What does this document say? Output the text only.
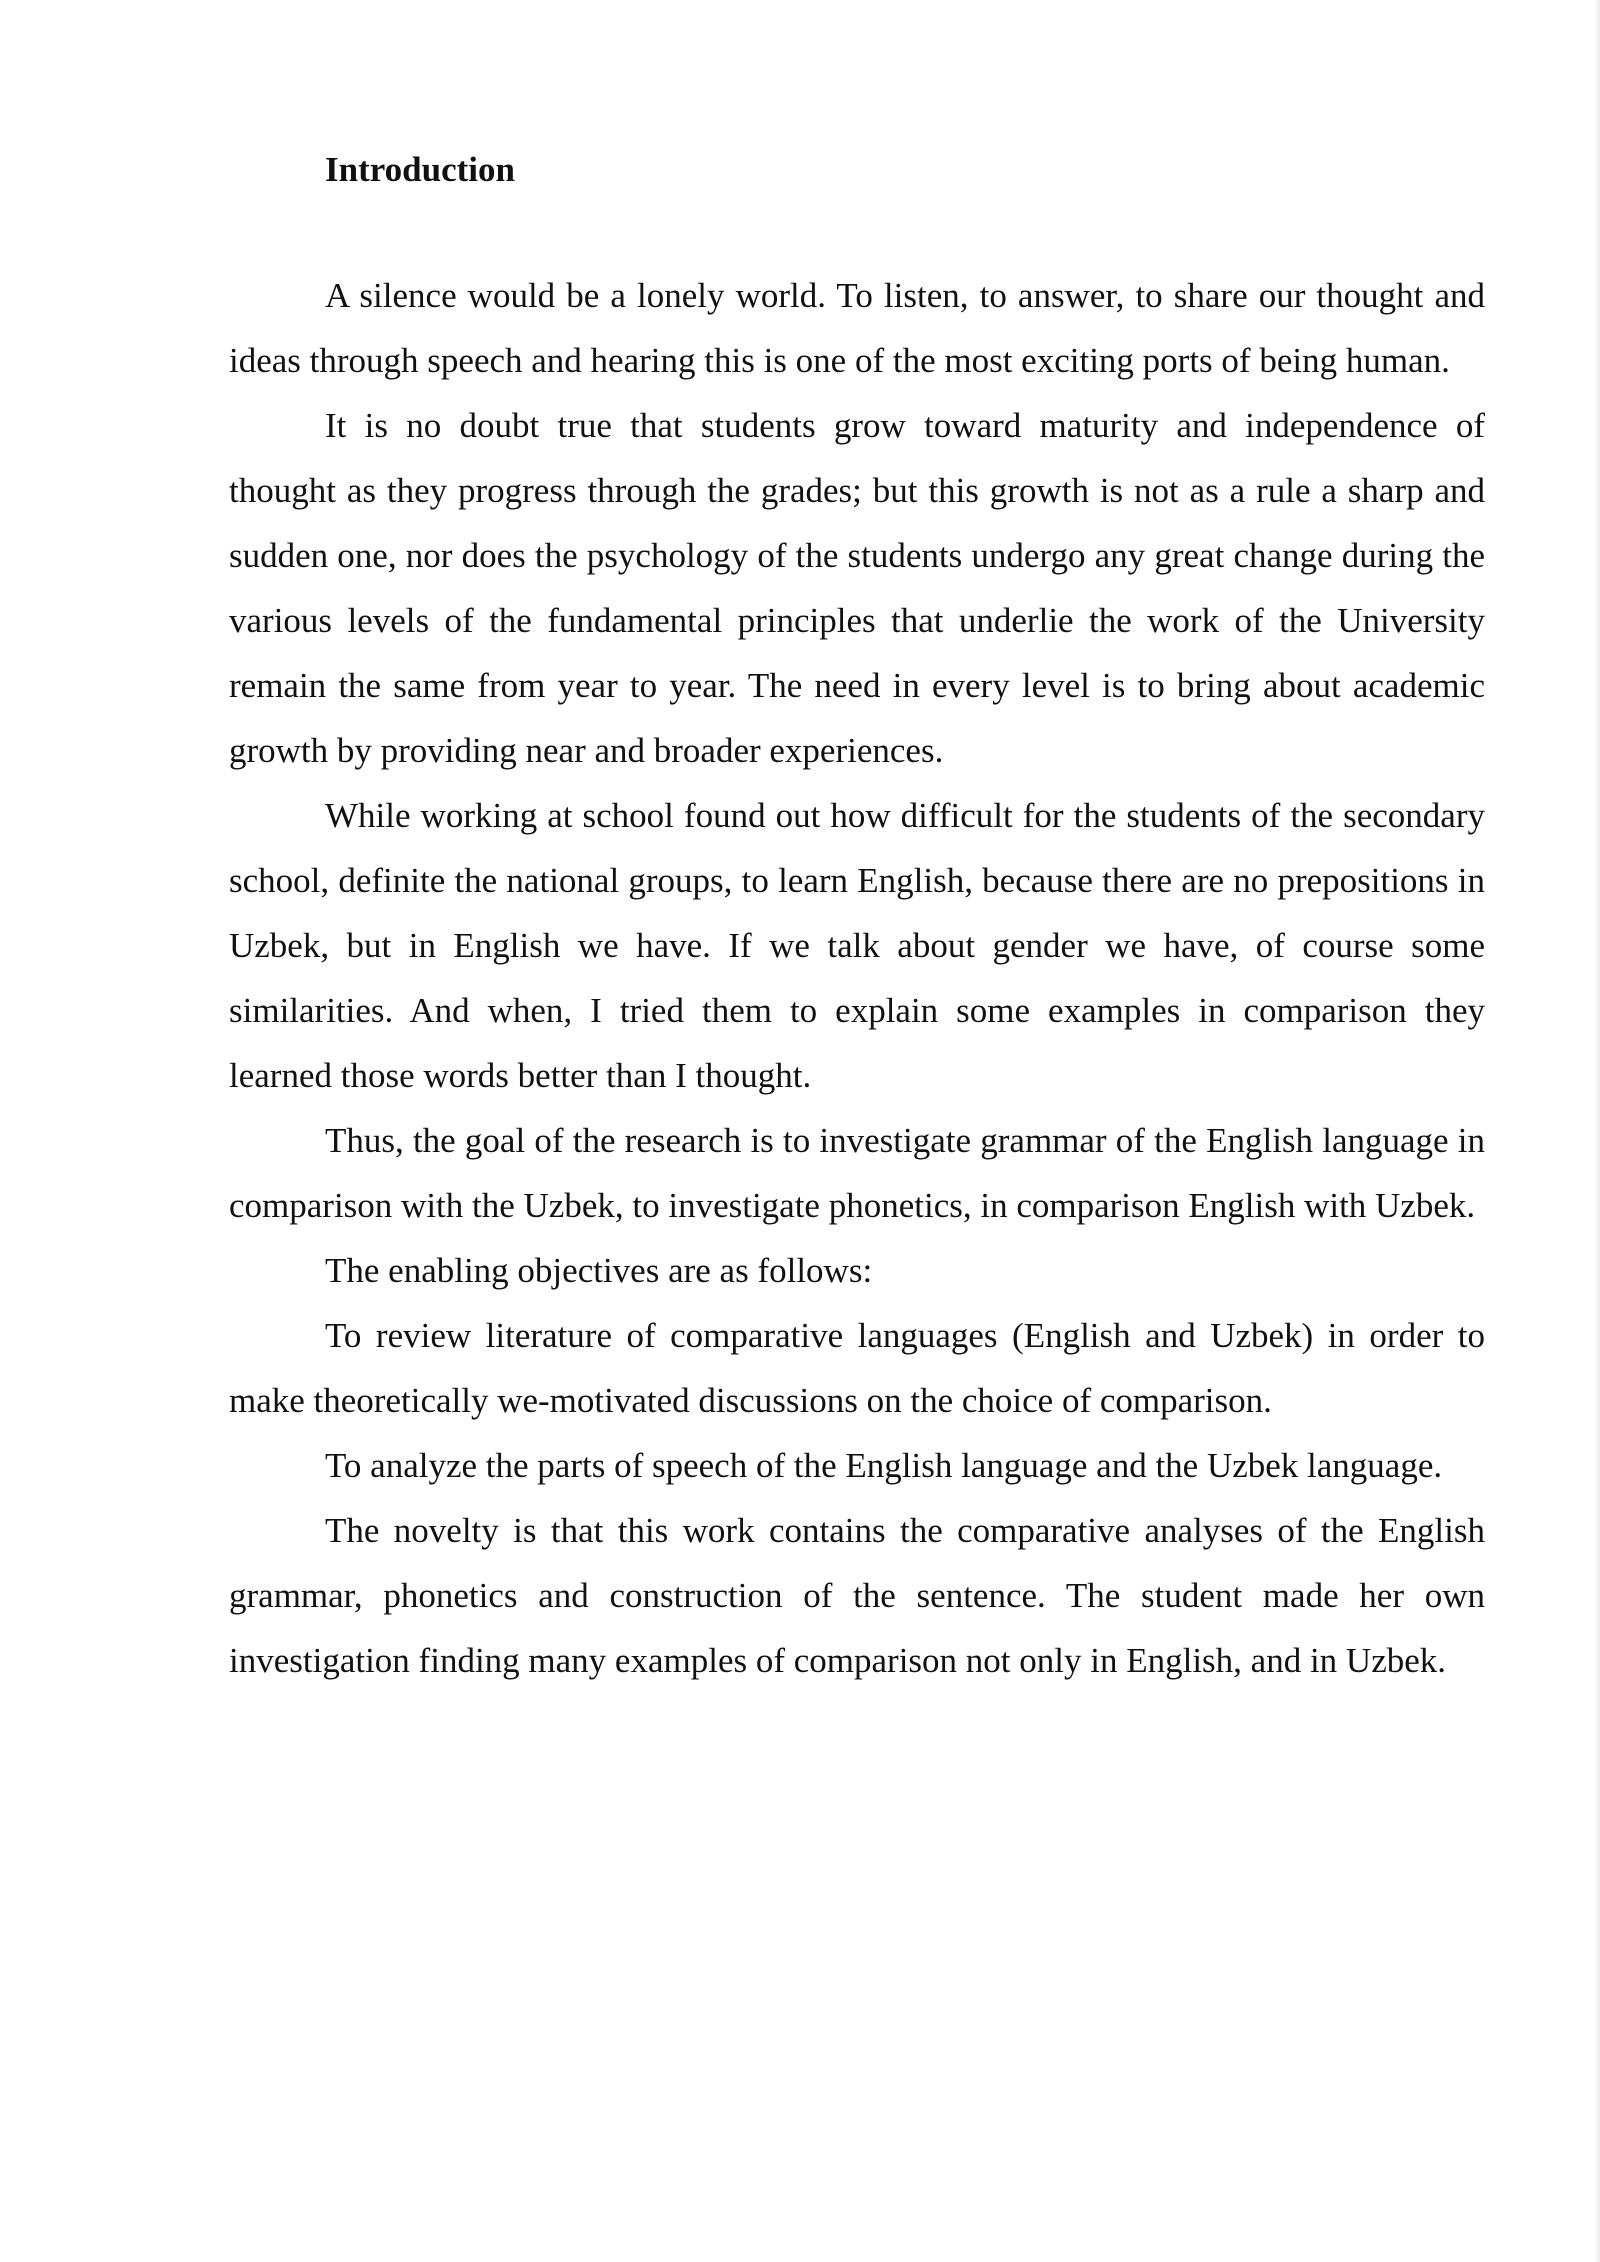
Introduction

A silence would be a lonely world. To listen, to answer, to share our thought and ideas through speech and hearing this is one of the most exciting ports of being human.

It is no doubt true that students grow toward maturity and independence of thought as they progress through the grades; but this growth is not as a rule a sharp and sudden one, nor does the psychology of the students undergo any great change during the various levels of the fundamental principles that underlie the work of the University remain the same from year to year. The need in every level is to bring about academic growth by providing near and broader experiences.

While working at school found out how difficult for the students of the secondary school, definite the national groups, to learn English, because there are no prepositions in Uzbek, but in English we have. If we talk about gender we have, of course some similarities. And when, I tried them to explain some examples in comparison they learned those words better than I thought.

Thus, the goal of the research is to investigate grammar of the English language in comparison with the Uzbek, to investigate phonetics, in comparison English with Uzbek.

The enabling objectives are as follows:

To review literature of comparative languages (English and Uzbek) in order to make theoretically we-motivated discussions on the choice of comparison.

To analyze the parts of speech of the English language and the Uzbek language.

The novelty is that this work contains the comparative analyses of the English grammar, phonetics and construction of the sentence. The student made her own investigation finding many examples of comparison not only in English, and in Uzbek.
